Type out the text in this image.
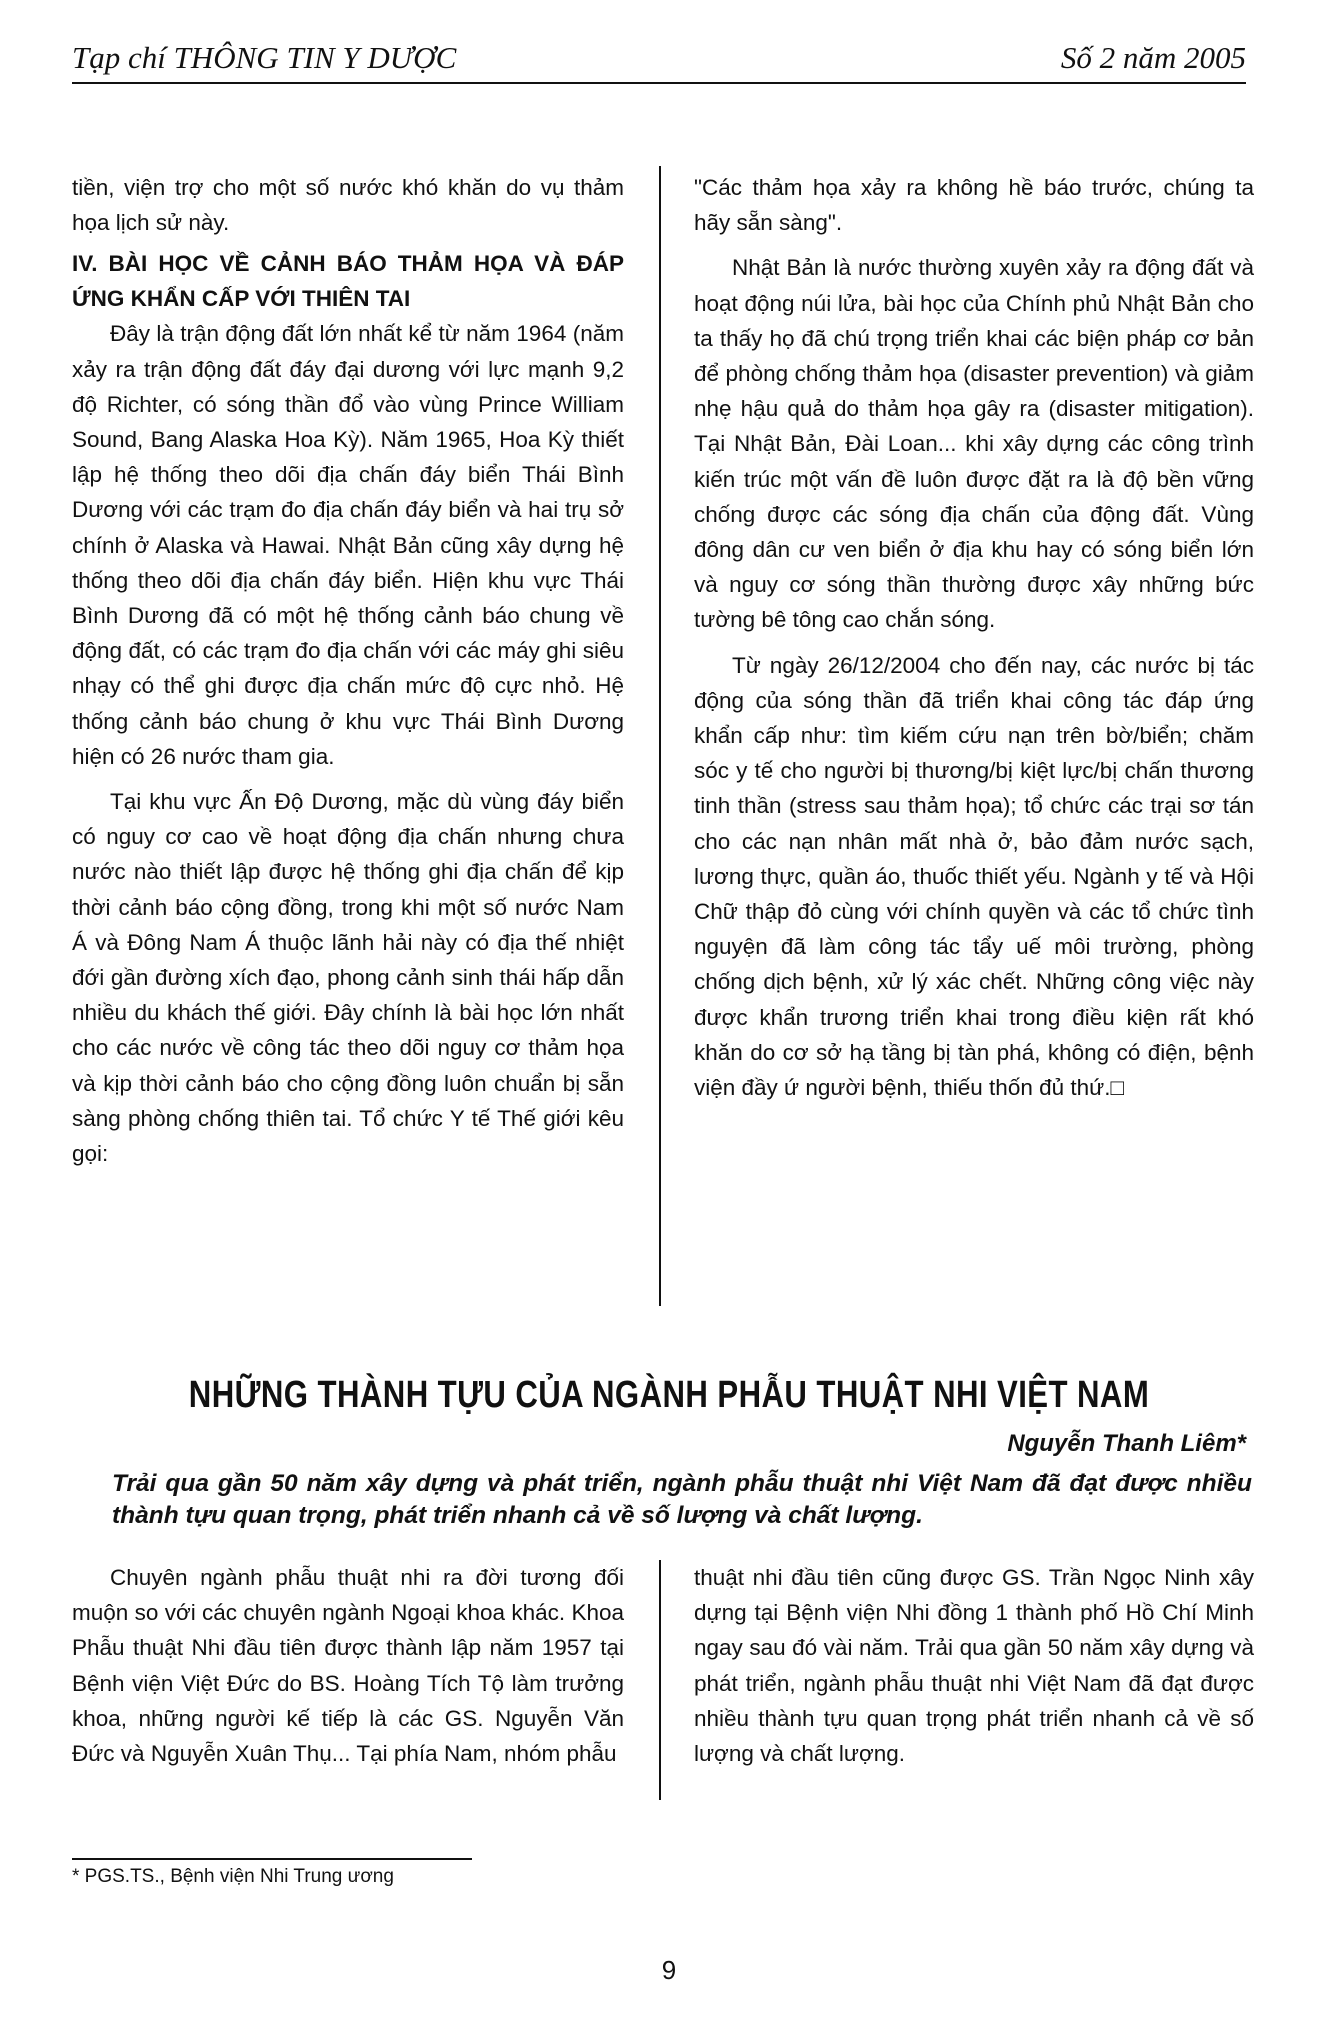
Tạp chí THÔNG TIN Y DƯỢC	Số 2 năm 2005

tiền, viện trợ cho một số nước khó khăn do vụ thảm họa lịch sử này.

IV. BÀI HỌC VỀ CẢNH BÁO THẢM HỌA VÀ ĐÁP ỨNG KHẨN CẤP VỚI THIÊN TAI

Đây là trận động đất lớn nhất kể từ năm 1964 (năm xảy ra trận động đất đáy đại dương với lực mạnh 9,2 độ Richter, có sóng thần đổ vào vùng Prince William Sound, Bang Alaska Hoa Kỳ). Năm 1965, Hoa Kỳ thiết lập hệ thống theo dõi địa chấn đáy biển Thái Bình Dương với các trạm đo địa chấn đáy biển và hai trụ sở chính ở Alaska và Hawai. Nhật Bản cũng xây dựng hệ thống theo dõi địa chấn đáy biển. Hiện khu vực Thái Bình Dương đã có một hệ thống cảnh báo chung về động đất, có các trạm đo địa chấn với các máy ghi siêu nhạy có thể ghi được địa chấn mức độ cực nhỏ. Hệ thống cảnh báo chung ở khu vực Thái Bình Dương hiện có 26 nước tham gia.

Tại khu vực Ấn Độ Dương, mặc dù vùng đáy biển có nguy cơ cao về hoạt động địa chấn nhưng chưa nước nào thiết lập được hệ thống ghi địa chấn để kịp thời cảnh báo cộng đồng, trong khi một số nước Nam Á và Đông Nam Á thuộc lãnh hải này có địa thế nhiệt đới gần đường xích đạo, phong cảnh sinh thái hấp dẫn nhiều du khách thế giới. Đây chính là bài học lớn nhất cho các nước về công tác theo dõi nguy cơ thảm họa và kịp thời cảnh báo cho cộng đồng luôn chuẩn bị sẵn sàng phòng chống thiên tai. Tổ chức Y tế Thế giới kêu gọi:

"Các thảm họa xảy ra không hề báo trước, chúng ta hãy sẵn sàng".

Nhật Bản là nước thường xuyên xảy ra động đất và hoạt động núi lửa, bài học của Chính phủ Nhật Bản cho ta thấy họ đã chú trọng triển khai các biện pháp cơ bản để phòng chống thảm họa (disaster prevention) và giảm nhẹ hậu quả do thảm họa gây ra (disaster mitigation). Tại Nhật Bản, Đài Loan... khi xây dựng các công trình kiến trúc một vấn đề luôn được đặt ra là độ bền vững chống được các sóng địa chấn của động đất. Vùng đông dân cư ven biển ở địa khu hay có sóng biển lớn và nguy cơ sóng thần thường được xây những bức tường bê tông cao chắn sóng.

Từ ngày 26/12/2004 cho đến nay, các nước bị tác động của sóng thần đã triển khai công tác đáp ứng khẩn cấp như: tìm kiếm cứu nạn trên bờ/biển; chăm sóc y tế cho người bị thương/bị kiệt lực/bị chấn thương tinh thần (stress sau thảm họa); tổ chức các trại sơ tán cho các nạn nhân mất nhà ở, bảo đảm nước sạch, lương thực, quần áo, thuốc thiết yếu. Ngành y tế và Hội Chữ thập đỏ cùng với chính quyền và các tổ chức tình nguyện đã làm công tác tẩy uế môi trường, phòng chống dịch bệnh, xử lý xác chết. Những công việc này được khẩn trương triển khai trong điều kiện rất khó khăn do cơ sở hạ tầng bị tàn phá, không có điện, bệnh viện đầy ứ người bệnh, thiếu thốn đủ thứ.□

NHỮNG THÀNH TỰU CỦA NGÀNH PHẪU THUẬT NHI VIỆT NAM
Nguyễn Thanh Liêm*
Trải qua gần 50 năm xây dựng và phát triển, ngành phẫu thuật nhi Việt Nam đã đạt được nhiều thành tựu quan trọng, phát triển nhanh cả về số lượng và chất lượng.

Chuyên ngành phẫu thuật nhi ra đời tương đối muộn so với các chuyên ngành Ngoại khoa khác. Khoa Phẫu thuật Nhi đầu tiên được thành lập năm 1957 tại Bệnh viện Việt Đức do BS. Hoàng Tích Tộ làm trưởng khoa, những người kế tiếp là các GS. Nguyễn Văn Đức và Nguyễn Xuân Thụ... Tại phía Nam, nhóm phẫu

thuật nhi đầu tiên cũng được GS. Trần Ngọc Ninh xây dựng tại Bệnh viện Nhi đồng 1 thành phố Hồ Chí Minh ngay sau đó vài năm. Trải qua gần 50 năm xây dựng và phát triển, ngành phẫu thuật nhi Việt Nam đã đạt được nhiều thành tựu quan trọng phát triển nhanh cả về số lượng và chất lượng.

* PGS.TS., Bệnh viện Nhi Trung ương
9
